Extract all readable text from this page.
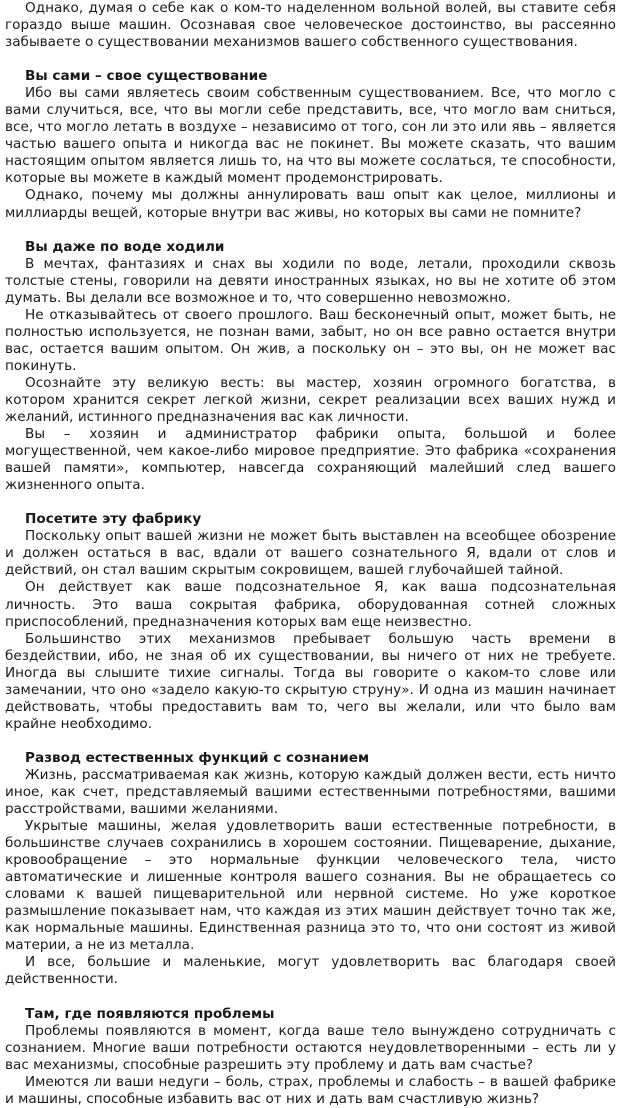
Однако, думая о себе как о ком-то наделенном вольной волей, вы ставите себя гораздо выше машин. Осознавая свое человеческое достоинство, вы рассеянно забываете о существовании механизмов вашего собственного существования.

Вы сами – свое существование

Ибо вы сами являетесь своим собственным существованием. Все, что могло с вами случиться, все, что вы могли себе представить, все, что могло вам сниться, все, что могло летать в воздухе – независимо от того, сон ли это или явь – является частью вашего опыта и никогда вас не покинет. Вы можете сказать, что вашим настоящим опытом является лишь то, на что вы можете сослаться, те способности, которые вы можете в каждый момент продемонстрировать.

Однако, почему мы должны аннулировать ваш опыт как целое, миллионы и миллиарды вещей, которые внутри вас живы, но которых вы сами не помните?

Вы даже по воде ходили

В мечтах, фантазиях и снах вы ходили по воде, летали, проходили сквозь толстые стены, говорили на девяти иностранных языках, но вы не хотите об этом думать. Вы делали все возможное и то, что совершенно невозможно.

Не отказывайтесь от своего прошлого. Ваш бесконечный опыт, может быть, не полностью используется, не познан вами, забыт, но он все равно остается внутри вас, остается вашим опытом. Он жив, а поскольку он – это вы, он не может вас покинуть.

Осознайте эту великую весть: вы мастер, хозяин огромного богатства, в котором хранится секрет легкой жизни, секрет реализации всех ваших нужд и желаний, истинного предназначения вас как личности.

Вы – хозяин и администратор фабрики опыта, большой и более могущественной, чем какое-либо мировое предприятие. Это фабрика «сохранения вашей памяти», компьютер, навсегда сохраняющий малейший след вашего жизненного опыта.

Посетите эту фабрику

Поскольку опыт вашей жизни не может быть выставлен на всеобщее обозрение и должен остаться в вас, вдали от вашего сознательного Я, вдали от слов и действий, он стал вашим скрытым сокровищем, вашей глубочайшей тайной.

Он действует как ваше подсознательное Я, как ваша подсознательная личность. Это ваша сокрытая фабрика, оборудованная сотней сложных приспособлений, предназначения которых вам еще неизвестно.

Большинство этих механизмов пребывает большую часть времени в бездействии, ибо, не зная об их существовании, вы ничего от них не требуете. Иногда вы слышите тихие сигналы. Тогда вы говорите о каком-то слове или замечании, что оно «задело какую-то скрытую струну». И одна из машин начинает действовать, чтобы предоставить вам то, чего вы желали, или что было вам крайне необходимо.

Развод естественных функций с сознанием

Жизнь, рассматриваемая как жизнь, которую каждый должен вести, есть ничто иное, как счет, представляемый вашими естественными потребностями, вашими расстройствами, вашими желаниями.

Укрытые машины, желая удовлетворить ваши естественные потребности, в большинстве случаев сохранились в хорошем состоянии. Пищеварение, дыхание, кровообращение – это нормальные функции человеческого тела, чисто автоматические и лишенные контроля вашего сознания. Вы не обращаетесь со словами к вашей пищеварительной или нервной системе. Но уже короткое размышление показывает нам, что каждая из этих машин действует точно так же, как нормальные машины. Единственная разница это то, что они состоят из живой материи, а не из металла.

И все, большие и маленькие, могут удовлетворить вас благодаря своей действенности.

Там, где появляются проблемы

Проблемы появляются в момент, когда ваше тело вынуждено сотрудничать с сознанием. Многие ваши потребности остаются неудовлетворенными – есть ли у вас механизмы, способные разрешить эту проблему и дать вам счастье?

Имеются ли ваши недуги – боль, страх, проблемы и слабость – в вашей фабрике и машины, способные избавить вас от них и дать вам счастливую жизнь?
